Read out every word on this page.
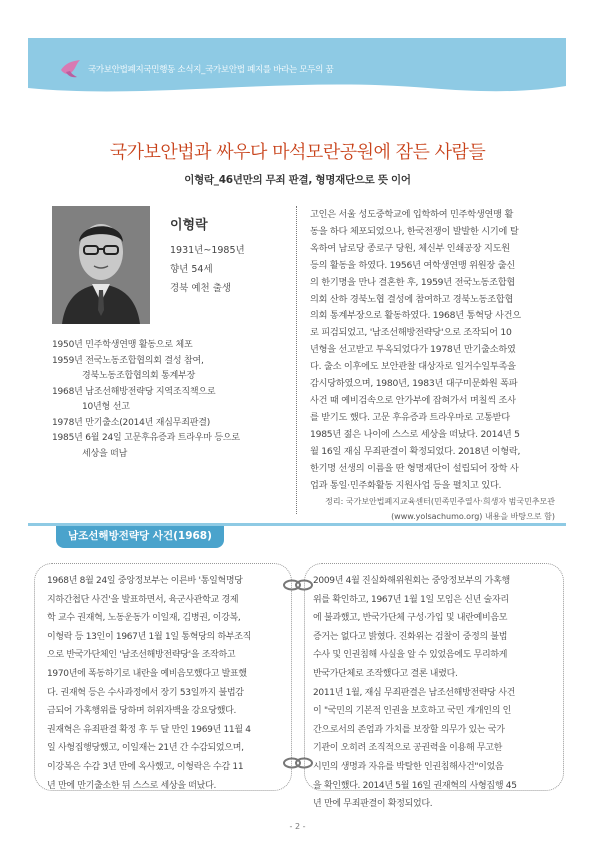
국가보안법폐지국민행동 소식지_국가보안법 폐지를 바라는 모두의 꿈
국가보안법과 싸우다 마석모란공원에 잠든 사람들
이형락_46년만의 무죄 판결, 형명재단으로 뜻 이어
이형락
1931년~1985년
향년 54세
경북 예천 출생
1950년 민주학생연맹 활동으로 체포
1959년 전국노동조합협의회 결성 참여,
경북노동조합협의회 통계부장
1968년 남조선해방전략당 지역조직책으로
10년형 선고
1978년 만기출소(2014년 재심무죄판결)
1985년 6월 24일 고문후유증과 트라우마 등으로
세상을 떠남

고인은 서울 성도중학교에 입학하여 민주학생연맹 활

동을 하다 체포되었으나, 한국전쟁이 발발한 시기에 탈

옥하여 남로당 종로구 당원, 체신부 인쇄공장 지도원

등의 활동을 하였다. 1956년 여학생연맹 위원장 출신

의 한기명을 만나 결혼한 후, 1959년 전국노동조합협

의회 산하 경북노협 결성에 참여하고 경북노동조합협

의회 통계부장으로 활동하였다. 1968년 통혁당 사건으

로 피검되었고, '남조선해방전략당'으로 조작되어 10

년형을 선고받고 투옥되었다가 1978년 만기출소하였

다. 출소 이후에도 보안관찰 대상자로 일거수일투족을

감시당하였으며, 1980년, 1983년 대구미문화원 폭파

사건 때 예비검속으로 안가부에 잡혀가서 며칠씩 조사

를 받기도 했다. 고문 후유증과 트라우마로 고통받다

1985년 젊은 나이에 스스로 세상을 떠났다. 2014년 5

월 16일 재심 무죄판결이 확정되었다. 2018년 이형락,

한기명 선생의 이름을 딴 형명재단이 설립되어 장학 사

업과 통일·민주화활동 지원사업 등을 펼치고 있다.

정리: 국가보안법폐지교육센터(민족민주열사·희생자 범국민추모관
(www.yolsachumo.org) 내용을 바탕으로 함)
남조선해방전략당 사건(1968)

1968년 8월 24일 중앙정보부는 이른바 '통일혁명당

지하간첩단 사건'을 발표하면서, 육군사관학교 경제

학 교수 권재혁, 노동운동가 이일재, 김병권, 이강복,

이형락 등 13인이 1967년 1월 1일 통혁당의 하부조직

으로 반국가단체인 '남조선해방전략당'을 조작하고

1970년에 폭동하기로 내란을 예비음모했다고 발표했

다. 권재혁 등은 수사과정에서 장기 53일까지 불법감

금되어 가혹행위를 당하며 허위자백을 강요당했다.

권재혁은 유죄판결 확정 후 두 달 만인 1969년 11월 4

일 사형집행당했고, 이일재는 21년 간 수감되었으며,

이강복은 수감 3년 만에 옥사했고, 이형락은 수감 11

년 만에 만기출소한 뒤 스스로 세상을 떠났다.

2009년 4월 진실화해위원회는 중앙정보부의 가혹행

위를 확인하고, 1967년 1월 1일 모임은 신년 술자리

에 불과했고, 반국가단체 구성·가입 및 내란예비음모

증거는 없다고 밝혔다. 진화위는 검찰이 중정의 불법

수사 및 인권침해 사실을 알 수 있었음에도 무리하게

반국가단체로 조작했다고 결론 내렸다.

2011년 1월, 재심 무죄판결은 남조선해방전략당 사건

이 "국민의 기본적 인권을 보호하고 국민 개개인의 인

간으로서의 존엄과 가치를 보장할 의무가 있는 국가

기관이 오히려 조직적으로 공권력을 이용해 무고한

시민의 생명과 자유를 박탈한 인권침해사건"이었음

을 확인했다. 2014년 5월 16일 권재혁의 사형집행 45

년 만에 무죄판결이 확정되었다.

- 2 -
